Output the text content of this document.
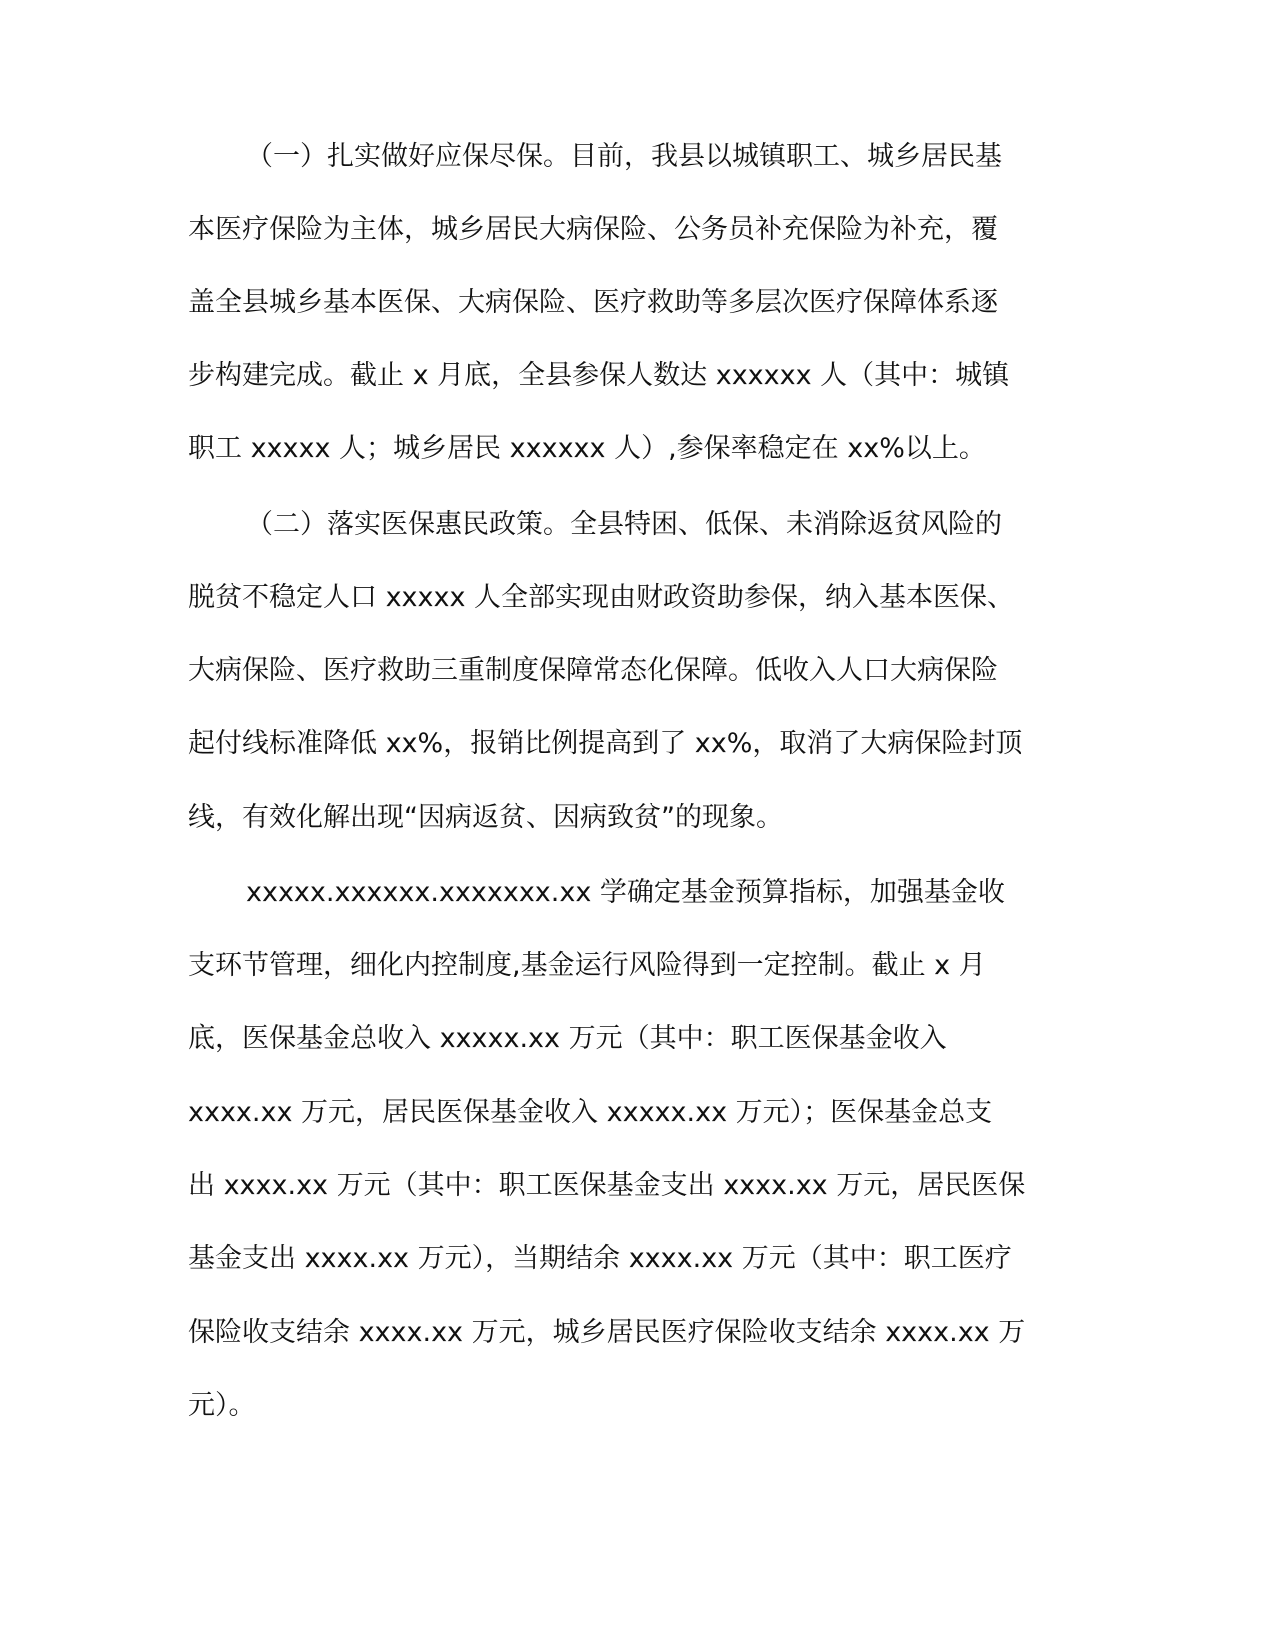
（一）扎实做好应保尽保。目前，我县以城镇职工、城乡居民基
本医疗保险为主体，城乡居民大病保险、公务员补充保险为补充，覆
盖全县城乡基本医保、大病保险、医疗救助等多层次医疗保障体系逐
步构建完成。截止 x 月底，全县参保人数达 xxxxxx 人（其中：城镇
职工 xxxxx 人；城乡居民 xxxxxx 人）,参保率稳定在 xx%以上。
（二）落实医保惠民政策。全县特困、低保、未消除返贫风险的
脱贫不稳定人口 xxxxx 人全部实现由财政资助参保，纳入基本医保、
大病保险、医疗救助三重制度保障常态化保障。低收入人口大病保险
起付线标准降低 xx%，报销比例提高到了 xx%，取消了大病保险封顶
线，有效化解出现“因病返贫、因病致贫”的现象。
xxxxx.xxxxxx.xxxxxxx.xx 学确定基金预算指标，加强基金收
支环节管理，细化内控制度,基金运行风险得到一定控制。截止 x 月
底，医保基金总收入 xxxxx.xx 万元（其中：职工医保基金收入
xxxx.xx 万元，居民医保基金收入 xxxxx.xx 万元）；医保基金总支
出 xxxx.xx 万元（其中：职工医保基金支出 xxxx.xx 万元，居民医保
基金支出 xxxx.xx 万元），当期结余 xxxx.xx 万元（其中：职工医疗
保险收支结余 xxxx.xx 万元，城乡居民医疗保险收支结余 xxxx.xx 万
元）。
